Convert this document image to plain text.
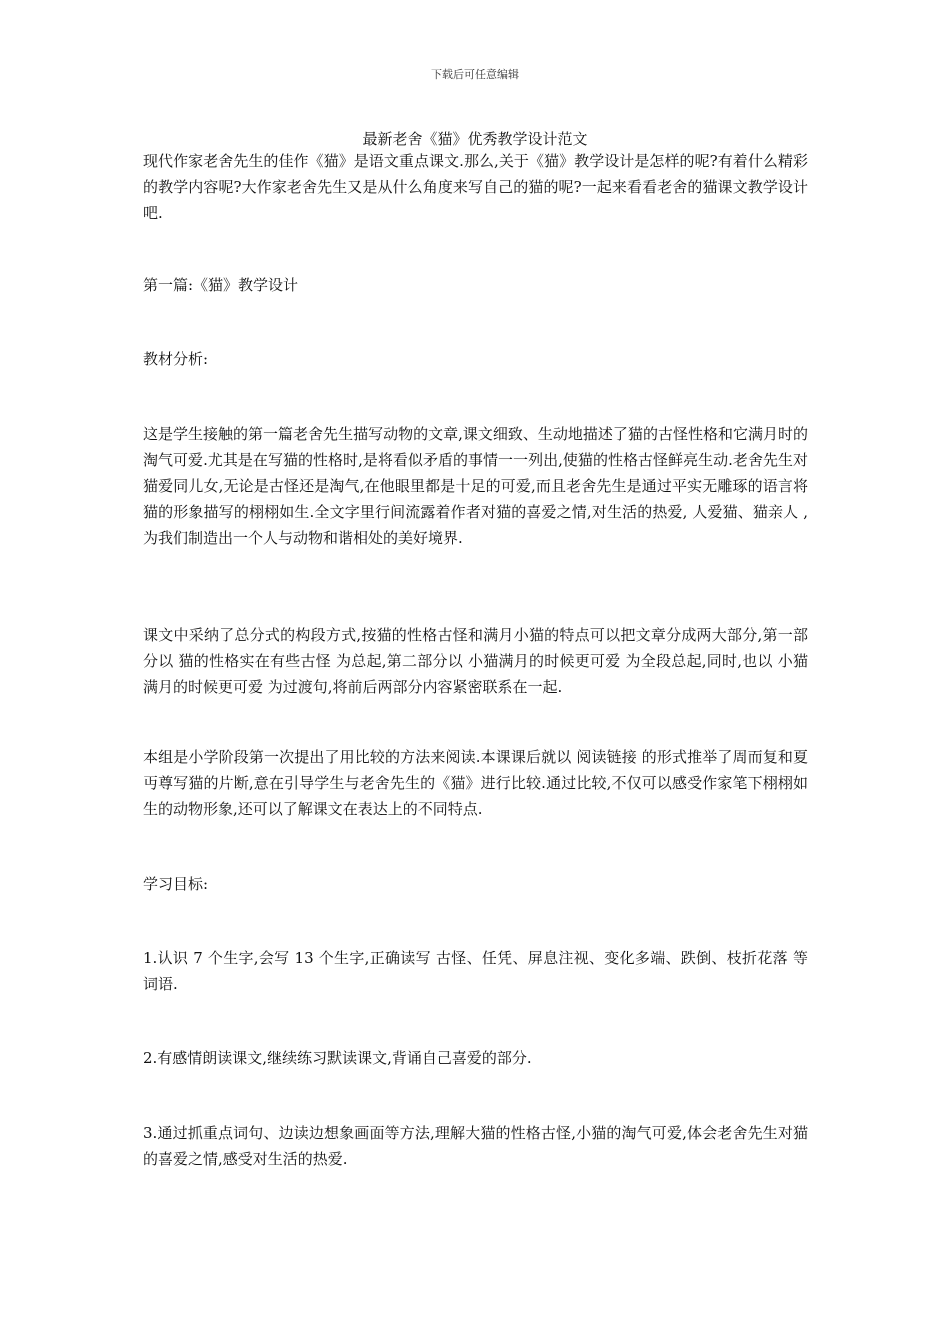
下载后可任意编辑
最新老舍《猫》优秀教学设计范文

现代作家老舍先生的佳作《猫》是语文重点课文.那么,关于《猫》教学设计是怎样的呢?有着什么精彩的教学内容呢?大作家老舍先生又是从什么角度来写自己的猫的呢?一起来看看老舍的猫课文教学设计吧.

第一篇:《猫》教学设计

教材分析:

这是学生接触的第一篇老舍先生描写动物的文章,课文细致、生动地描述了猫的古怪性格和它满月时的淘气可爱.尤其是在写猫的性格时,是将看似矛盾的事情一一列出,使猫的性格古怪鲜亮生动.老舍先生对猫爱同儿女,无论是古怪还是淘气,在他眼里都是十足的可爱,而且老舍先生是通过平实无雕琢的语言将猫的形象描写的栩栩如生.全文字里行间流露着作者对猫的喜爱之情,对生活的热爱, 人爱猫、猫亲人 ,为我们制造出一个人与动物和谐相处的美好境界.

课文中采纳了总分式的构段方式,按猫的性格古怪和满月小猫的特点可以把文章分成两大部分,第一部分以 猫的性格实在有些古怪 为总起,第二部分以 小猫满月的时候更可爱 为全段总起,同时,也以 小猫满月的时候更可爱 为过渡句,将前后两部分内容紧密联系在一起.

本组是小学阶段第一次提出了用比较的方法来阅读.本课课后就以 阅读链接 的形式推举了周而复和夏丏尊写猫的片断,意在引导学生与老舍先生的《猫》进行比较.通过比较,不仅可以感受作家笔下栩栩如生的动物形象,还可以了解课文在表达上的不同特点.

学习目标:

1.认识 7 个生字,会写 13 个生字,正确读写 古怪、任凭、屏息注视、变化多端、跌倒、枝折花落 等词语.

2.有感情朗读课文,继续练习默读课文,背诵自己喜爱的部分.

3.通过抓重点词句、边读边想象画面等方法,理解大猫的性格古怪,小猫的淘气可爱,体会老舍先生对猫的喜爱之情,感受对生活的热爱.
